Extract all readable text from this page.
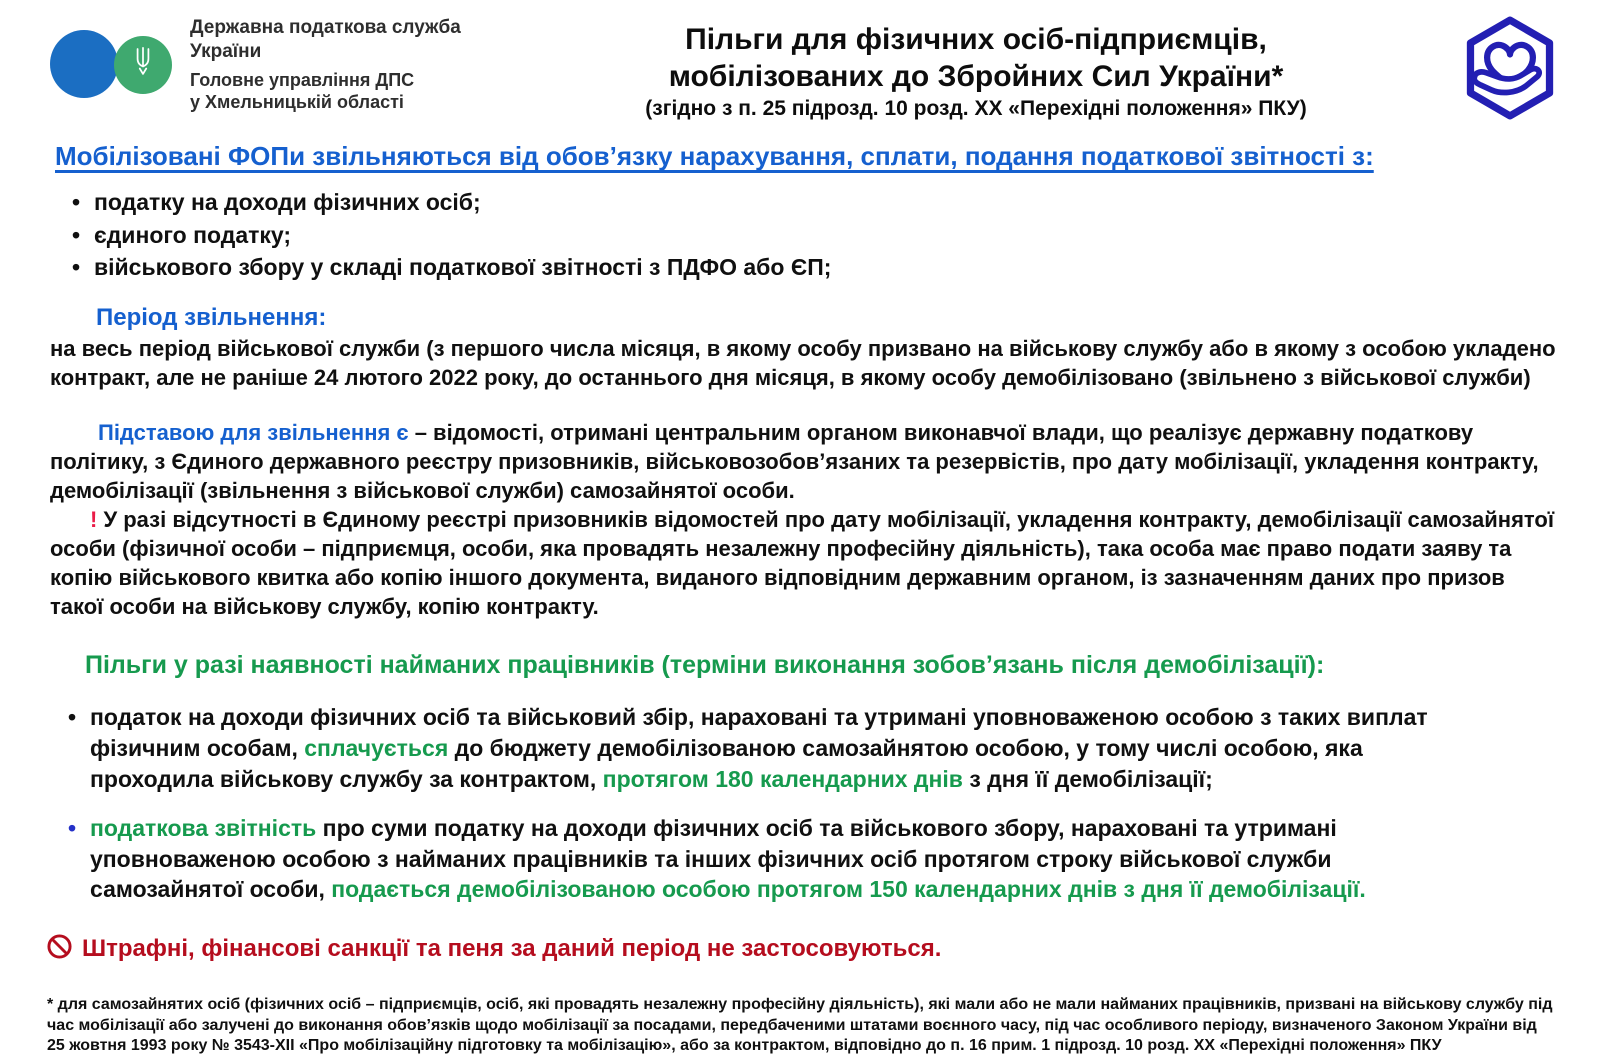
Державна податкова служба України
Головне управління ДПС
у Хмельницькій області
Пільги для фізичних осіб-підприємців,
мобілізованих до Збройних Сил України*
(згідно з п. 25 підрозд. 10 розд. ХХ «Перехідні положення» ПКУ)
Мобілізовані ФОПи звільняються від обов’язку нарахування, сплати, подання податкової звітності з:
• податку на доходи фізичних осіб;
• єдиного податку;
• військового збору у складі податкової звітності з ПДФО або ЄП;
Період звільнення:
на весь період військової служби (з першого числа місяця, в якому особу призвано на військову службу або в якому з особою укладено контракт, але не раніше 24 лютого 2022 року, до останнього дня місяця, в якому особу демобілізовано (звільнено з військової служби)

Підставою для звільнення є – відомості, отримані центральним органом виконавчої влади, що реалізує державну податкову політику, з Єдиного державного реєстру призовників, військовозобов’язаних та резервістів, про дату мобілізації, укладення контракту, демобілізації (звільнення з військової служби) самозайнятої особи.

! У разі відсутності в Єдиному реєстрі призовників відомостей про дату мобілізації, укладення контракту, демобілізації самозайнятої особи (фізичної особи – підприємця, особи, яка провадять незалежну професійну діяльність), така особа має право подати заяву та копію військового квитка або копію іншого документа, виданого відповідним державним органом, із зазначенням даних про призов такої особи на військову службу, копію контракту.

Пільги у разі наявності найманих працівників (терміни виконання зобов’язань після демобілізації):
• податок на доходи фізичних осіб та військовий збір, нараховані та утримані уповноваженою особою з таких виплат фізичним особам, сплачується до бюджету демобілізованою самозайнятою особою, у тому числі особою, яка проходила військову службу за контрактом, протягом 180 календарних днів з дня її демобілізації;
• податкова звітність про суми податку на доходи фізичних осіб та військового збору, нараховані та утримані уповноваженою особою з найманих працівників та інших фізичних осіб протягом строку військової служби самозайнятої особи, подається демобілізованою особою протягом 150 календарних днів з дня її демобілізації.
Штрафні, фінансові санкції та пеня за даний період не застосовуються.
* для самозайнятих осіб (фізичних осіб – підприємців, осіб, які провадять незалежну професійну діяльність), які мали або не мали найманих працівників, призвані на військову службу під час мобілізації або залучені до виконання обов’язків щодо мобілізації за посадами, передбаченими штатами воєнного часу, під час особливого періоду, визначеного Законом України від 25 жовтня 1993 року № 3543-ХІІ «Про мобілізаційну підготовку та мобілізацію», або за контрактом, відповідно до п. 16 прим. 1 підрозд. 10 розд. ХХ «Перехідні положення» ПКУ
